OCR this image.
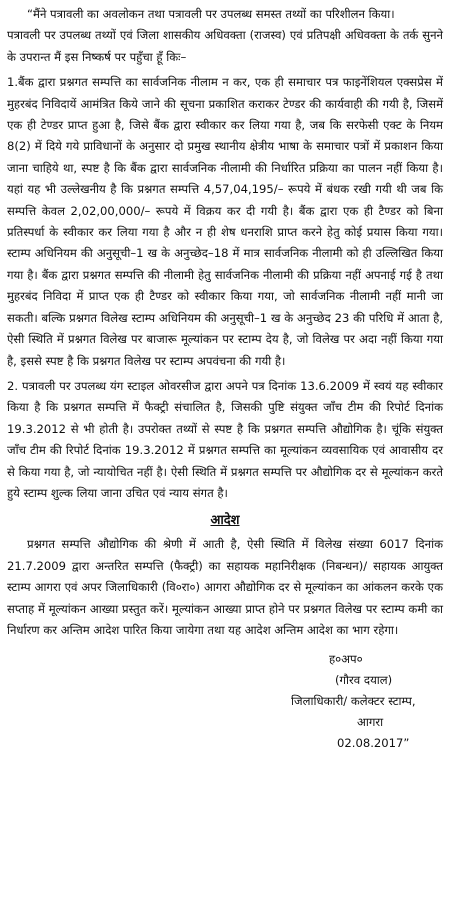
“मैंने पत्रावली का अवलोकन तथा पत्रावली पर उपलब्ध समस्त तथ्यों का परिशीलन किया।

पत्रावली पर उपलब्ध तथ्यों एवं जिला शासकीय अधिवक्ता (राजस्व) एवं प्रतिपक्षी अधिवक्ता के तर्क सुनने के उपरान्त मैं इस निष्कर्ष पर पहुँचा हूँ किः–

1.बैंक द्वारा प्रश्नगत सम्पत्ति का सार्वजनिक नीलाम न कर, एक ही समाचार पत्र फाइनेंशियल एक्सप्रेस में मुहरबंद निविदायें आमंत्रित किये जाने की सूचना प्रकाशित कराकर टेण्डर की कार्यवाही की गयी है, जिसमें एक ही टेण्डर प्राप्त हुआ है, जिसे बैंक द्वारा स्वीकार कर लिया गया है, जब कि सरफेसी एक्ट के नियम 8(2) में दिये गये प्राविधानों के अनुसार दो प्रमुख स्थानीय क्षेत्रीय भाषा के समाचार पत्रों में प्रकाशन किया जाना चाहिये था, स्पष्ट है कि बैंक द्वारा सार्वजनिक नीलामी की निर्धारित प्रक्रिया का पालन नहीं किया है। यहां यह भी उल्लेखनीय है कि प्रश्नगत सम्पत्ति 4,57,04,195/– रूपये में बंधक रखी गयी थी जब कि सम्पत्ति केवल 2,02,00,000/– रूपये में विक्रय कर दी गयी है। बैंक द्वारा एक ही टैण्डर को बिना प्रतिस्पर्धा के स्वीकार कर लिया गया है और न ही शेष धनराशि प्राप्त करने हेतु कोई प्रयास किया गया। स्टाम्प अधिनियम की अनुसूची–1 ख के अनुच्छेद–18 में मात्र सार्वजनिक नीलामी को ही उल्लिखित किया गया है। बैंक द्वारा प्रश्नगत सम्पत्ति की नीलामी हेतु सार्वजनिक नीलामी की प्रक्रिया नहीं अपनाई गई है तथा मुहरबंद निविदा में प्राप्त एक ही टैण्डर को स्वीकार किया गया, जो सार्वजनिक नीलामी नहीं मानी जा सकती। बल्कि प्रश्नगत विलेख स्टाम्प अधिनियम की अनुसूची–1 ख के अनुच्छेद 23 की परिधि में आता है, ऐसी स्थिति में प्रश्नगत विलेख पर बाजारू मूल्यांकन पर स्टाम्प देय है, जो विलेख पर अदा नहीं किया गया है, इससे स्पष्ट है कि प्रश्नगत विलेख पर स्टाम्प अपवंचना की गयी है।

2. पत्रावली पर उपलब्ध यंग स्टाइल ओवरसीज द्वारा अपने पत्र दिनांक 13.6.2009 में स्वयं यह स्वीकार किया है कि प्रश्नगत सम्पत्ति में फैक्ट्री संचालित है, जिसकी पुष्टि संयुक्त जाँच टीम की रिपोर्ट दिनांक 19.3.2012 से भी होती है। उपरोक्त तथ्यों से स्पष्ट है कि प्रश्नगत सम्पत्ति औद्योगिक है। चूंकि संयुक्त जाँच टीम की रिपोर्ट दिनांक 19.3.2012 में प्रश्नगत सम्पत्ति का मूल्यांकन व्यवसायिक एवं आवासीय दर से किया गया है, जो न्यायोचित नहीं है। ऐसी स्थिति में प्रश्नगत सम्पत्ति पर औद्योगिक दर से मूल्यांकन करते हुये स्टाम्प शुल्क लिया जाना उचित एवं न्याय संगत है।

आदेश

प्रश्नगत सम्पत्ति औद्योगिक की श्रेणी में आती है, ऐसी स्थिति में विलेख संख्या 6017 दिनांक 21.7.2009 द्वारा अन्तरित सम्पत्ति (फैक्ट्री) का सहायक महानिरीक्षक (निबन्धन)/ सहायक आयुक्त स्टाम्प आगरा एवं अपर जिलाधिकारी (वि०रा०) आगरा औद्योगिक दर से मूल्यांकन का आंकलन करके एक सप्ताह में मूल्यांकन आख्या प्रस्तुत करें। मूल्यांकन आख्या प्राप्त होने पर प्रश्नगत विलेख पर स्टाम्प कमी का निर्धारण कर अन्तिम आदेश पारित किया जायेगा तथा यह आदेश अन्तिम आदेश का भाग रहेगा।

ह०अप०
(गौरव दयाल)
जिलाधिकारी/ कलेक्टर स्टाम्प,
आगरा
02.08.2017”
